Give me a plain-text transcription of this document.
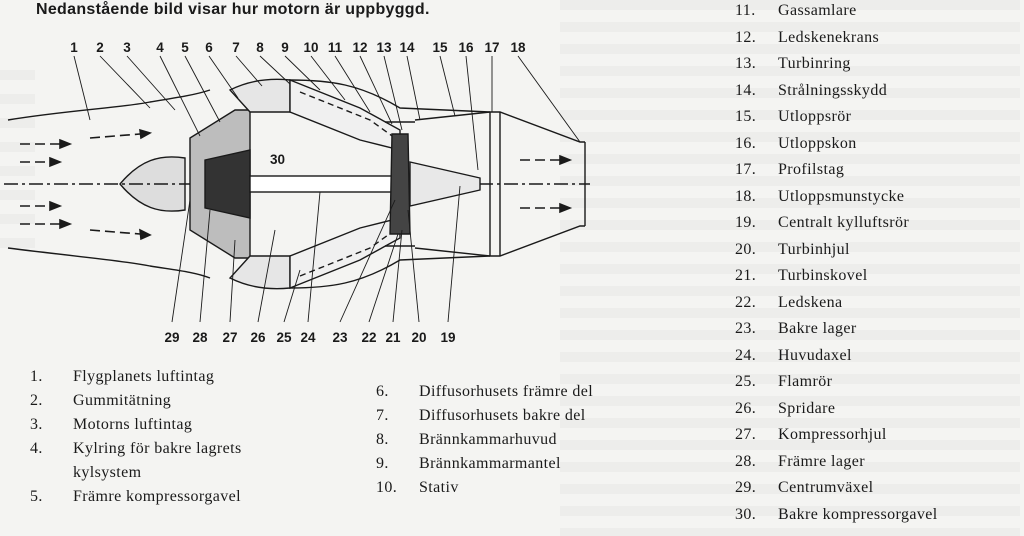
Nedanstående bild visar hur motorn är uppbyggd.
1 2 3 4 5 6 7 8 9 10 11 12 13 14 15 16 17 18
29 28 27 26 25 24 23 22 21 20 19
30
1.	Flygplanets luftintag
2.	Gummitätning
3.	Motorns luftintag
4.	Kylring för bakre lagrets
kylsystem
5.	Främre kompressorgavel
6.	Diffusorhusets främre del
7.	Diffusorhusets bakre del
8.	Brännkammarhuvud
9.	Brännkammarmantel
10.	Stativ
11.	Gassamlare
12.	Ledskenekrans
13.	Turbinring
14.	Strålningsskydd
15.	Utloppsrör
16.	Utloppskon
17.	Profilstag
18.	Utloppsmunstycke
19.	Centralt kylluftsrör
20.	Turbinhjul
21.	Turbinskovel
22.	Ledskena
23.	Bakre lager
24.	Huvudaxel
25.	Flamrör
26.	Spridare
27.	Kompressorhjul
28.	Främre lager
29.	Centrumväxel
30.	Bakre kompressorgavel
